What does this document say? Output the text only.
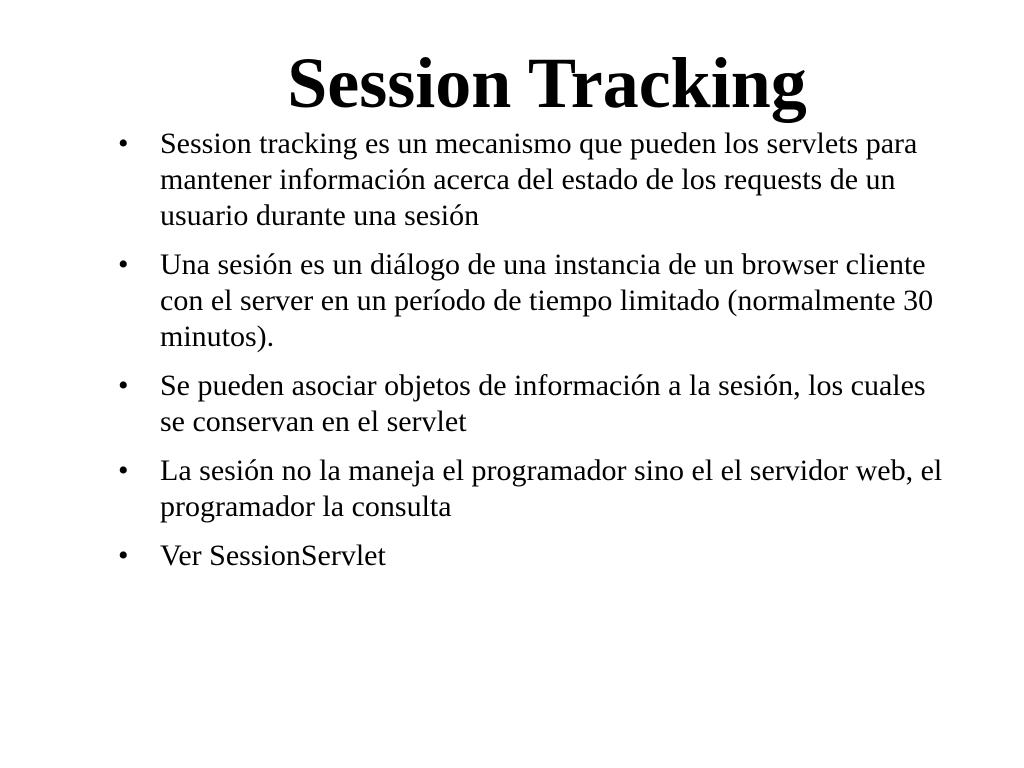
Session Tracking
•	Session tracking es un mecanismo que pueden los servlets para mantener información acerca del estado de los requests de un usuario durante una sesión
•	Una sesión es un diálogo de una instancia de un browser cliente con el server en un período de tiempo limitado (normalmente 30 minutos).
•	Se pueden asociar objetos de información a la sesión, los cuales se conservan en el servlet
•	La sesión no la maneja el programador sino el el servidor web, el programador la consulta
•	Ver SessionServlet
